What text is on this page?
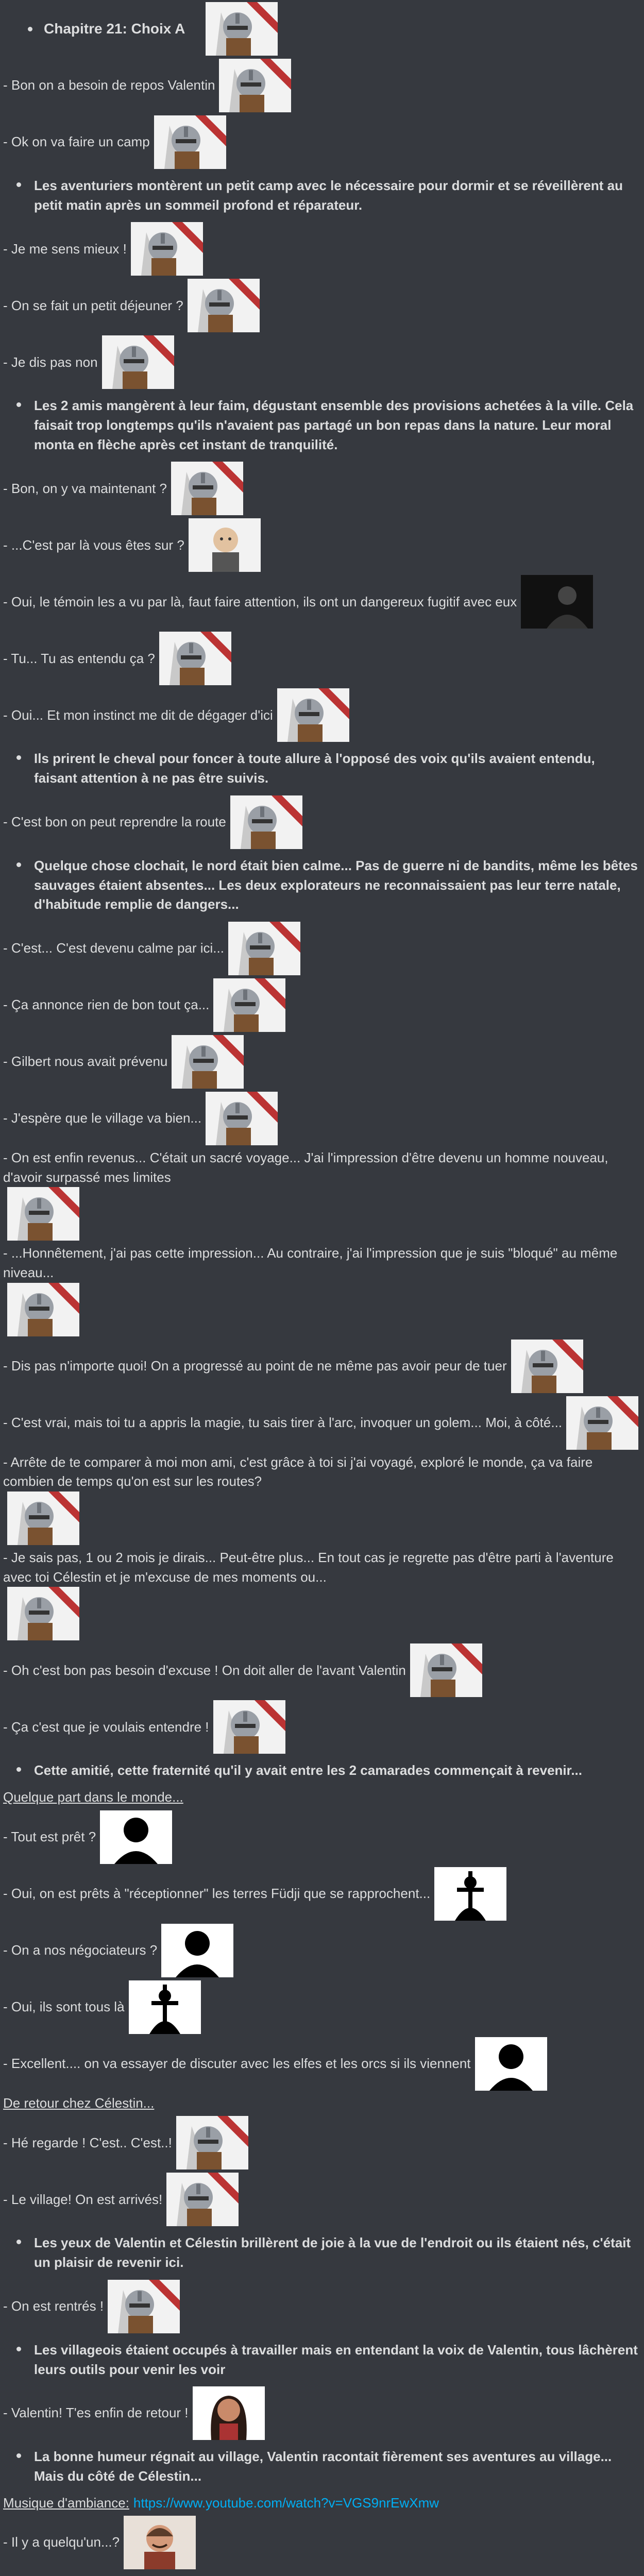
Chapitre 21: Choix A
- Bon on a besoin de repos Valentin
- Ok on va faire un camp
Les aventuriers montèrent un petit camp avec le nécessaire pour dormir et se réveillèrent au petit matin après un sommeil profond et réparateur.
- Je me sens mieux !
- On se fait un petit déjeuner ?
- Je dis pas non
Les 2 amis mangèrent à leur faim, dégustant ensemble des provisions achetées à la ville. Cela faisait trop longtemps qu'ils n'avaient pas partagé un bon repas dans la nature. Leur moral monta en flèche après cet instant de tranquilité.
- Bon, on y va maintenant ?
- ...C'est par là vous êtes sur ?
- Oui, le témoin les a vu par là, faut faire attention, ils ont un dangereux fugitif avec eux
- Tu... Tu as entendu ça ?
- Oui... Et mon instinct me dit de dégager d'ici
Ils prirent le cheval pour foncer à toute allure à l'opposé des voix qu'ils avaient entendu, faisant attention à ne pas être suivis.
- C'est bon on peut reprendre la route
Quelque chose clochait, le nord était bien calme... Pas de guerre ni de bandits, même les bêtes sauvages étaient absentes... Les deux explorateurs ne reconnaissaient pas leur terre natale, d'habitude remplie de dangers...
- C'est... C'est devenu calme par ici...
- Ça annonce rien de bon tout ça...
- Gilbert nous avait prévenu
- J'espère que le village va bien...
- On est enfin revenus... C'était un sacré voyage... J'ai l'impression d'être devenu un homme nouveau, d'avoir surpassé mes limites
- ...Honnêtement, j'ai pas cette impression... Au contraire, j'ai l'impression que je suis "bloqué" au même niveau...
- Dis pas n'importe quoi! On a progressé au point de ne même pas avoir peur de tuer
- C'est vrai, mais toi tu a appris la magie, tu sais tirer à l'arc, invoquer un golem... Moi, à côté...
- Arrête de te comparer à moi mon ami, c'est grâce à toi si j'ai voyagé, exploré le monde, ça va faire combien de temps qu'on est sur les routes?
- Je sais pas, 1 ou 2 mois je dirais... Peut-être plus... En tout cas je regrette pas d'être parti à l'aventure avec toi Célestin et je m'excuse de mes moments ou...
- Oh c'est bon pas besoin d'excuse ! On doit aller de l'avant Valentin
- Ça c'est que je voulais entendre !
Cette amitié, cette fraternité qu'il y avait entre les 2 camarades commençait à revenir...
Quelque part dans le monde...
- Tout est prêt ?
- Oui, on est prêts à "réceptionner" les terres Füdji que se rapprochent...
- On a nos négociateurs ?
- Oui, ils sont tous là
- Excellent.... on va essayer de discuter avec les elfes et les orcs si ils viennent
De retour chez Célestin...
- Hé regarde ! C'est.. C'est..!
- Le village! On est arrivés!
Les yeux de Valentin et Célestin brillèrent de joie à la vue de l'endroit ou ils étaient nés, c'était un plaisir de revenir ici.
- On est rentrés !
Les villageois étaient occupés à travailler mais en entendant la voix de Valentin, tous lâchèrent leurs outils pour venir les voir
- Valentin! T'es enfin de retour !
La bonne humeur régnait au village, Valentin racontait fièrement ses aventures au village... Mais du côté de Célestin...
Musique d'ambiance: https://www.youtube.com/watch?v=VGS9nrEwXmw
- Il y a quelqu'un...?
